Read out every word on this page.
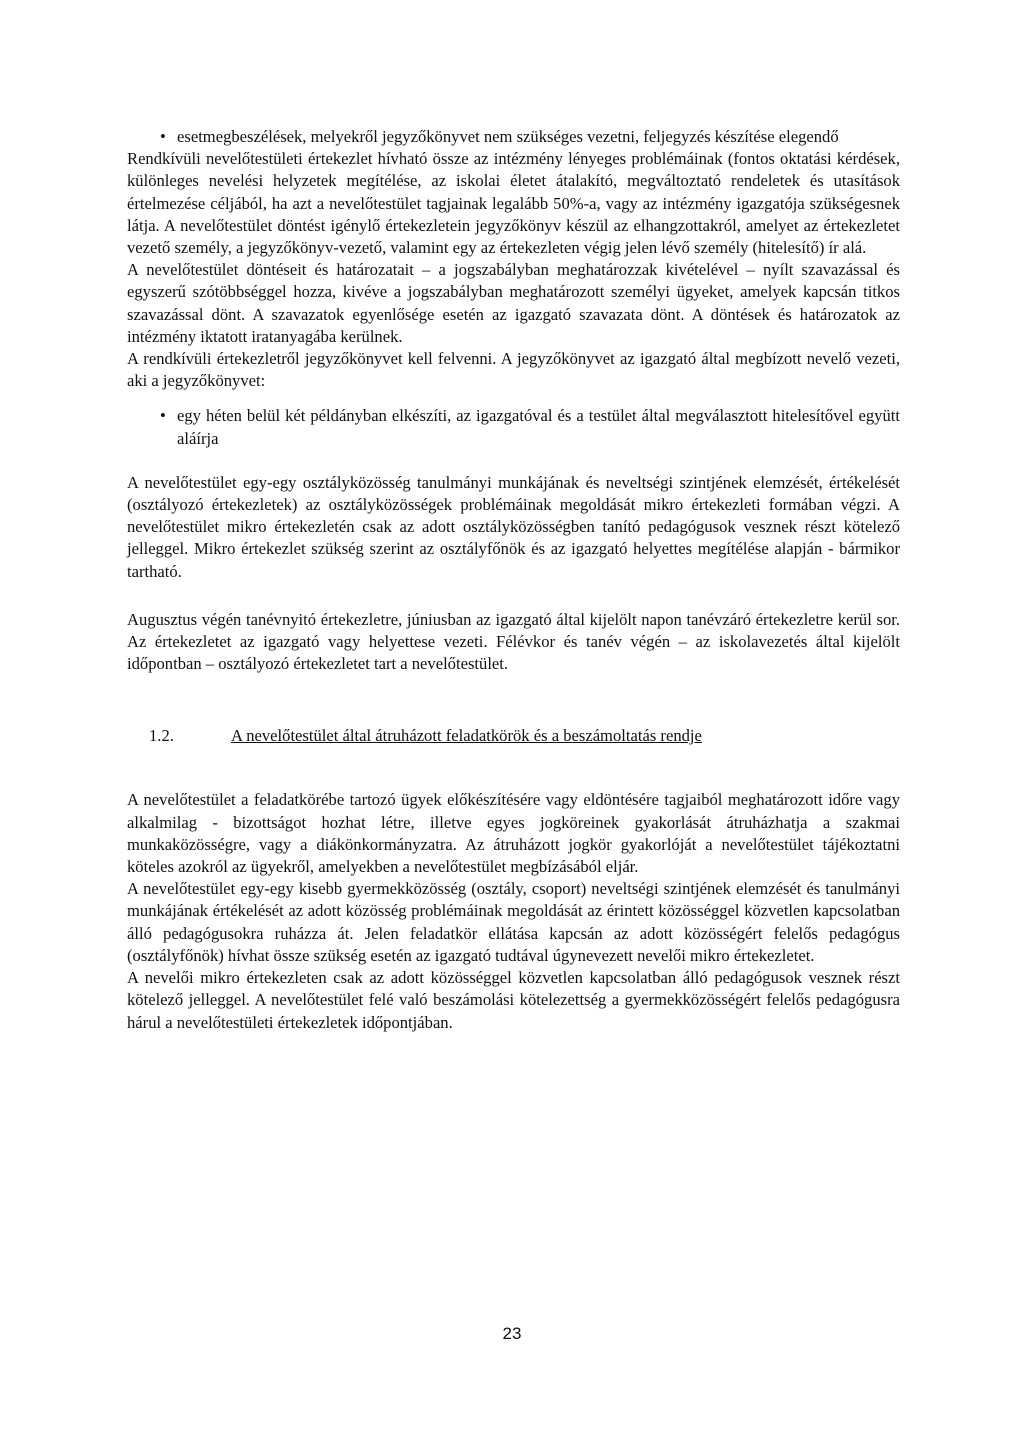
• esetmegbeszélések, melyekről jegyzőkönyvet nem szükséges vezetni, feljegyzés készítése elegendő

Rendkívüli nevelőtestületi értekezlet hívható össze az intézmény lényeges problémáinak (fontos oktatási kérdések, különleges nevelési helyzetek megítélése, az iskolai életet átalakító, megváltoztató rendeletek és utasítások értelmezése céljából, ha azt a nevelőtestület tagjainak legalább 50%-a, vagy az intézmény igazgatója szükségesnek látja. A nevelőtestület döntést igénylő értekezletein jegyzőkönyv készül az elhangzottakról, amelyet az értekezletet vezető személy, a jegyzőkönyv-vezető, valamint egy az értekezleten végig jelen lévő személy (hitelesítő) ír alá.

A nevelőtestület döntéseit és határozatait – a jogszabályban meghatározzak kivételével – nyílt szavazással és egyszerű szótöbbséggel hozza, kivéve a jogszabályban meghatározott személyi ügyeket, amelyek kapcsán titkos szavazással dönt. A szavazatok egyenlősége esetén az igazgató szavazata dönt. A döntések és határozatok az intézmény iktatott iratanyagába kerülnek.

A rendkívüli értekezletről jegyzőkönyvet kell felvenni. A jegyzőkönyvet az igazgató által megbízott nevelő vezeti, aki a jegyzőkönyvet:

• egy héten belül két példányban elkészíti, az igazgatóval és a testület által megválasztott hitelesítővel együtt aláírja

A nevelőtestület egy-egy osztályközösség tanulmányi munkájának és neveltségi szintjének elemzését, értékelését (osztályozó értekezletek) az osztályközösségek problémáinak megoldását mikro értekezleti formában végzi. A nevelőtestület mikro értekezletén csak az adott osztályközösségben tanító pedagógusok vesznek részt kötelező jelleggel. Mikro értekezlet szükség szerint az osztályfőnök és az igazgató helyettes megítélése alapján - bármikor tartható.

Augusztus végén tanévnyitó értekezletre, júniusban az igazgató által kijelölt napon tanévzáró értekezletre kerül sor. Az értekezletet az igazgató vagy helyettese vezeti. Félévkor és tanév végén – az iskolavezetés által kijelölt időpontban – osztályozó értekezletet tart a nevelőtestület.

1.2.	A nevelőtestület által átruházott feladatkörök és a beszámoltatás rendje

A nevelőtestület a feladatkörébe tartozó ügyek előkészítésére vagy eldöntésére tagjaiból meghatározott időre vagy alkalmilag - bizottságot hozhat létre, illetve egyes jogköreinek gyakorlását átruházhatja a szakmai munkaközösségre, vagy a diákönkormányzatra. Az átruházott jogkör gyakorlóját a nevelőtestület tájékoztatni köteles azokról az ügyekről, amelyekben a nevelőtestület megbízásából eljár.

A nevelőtestület egy-egy kisebb gyermekközösség (osztály, csoport) neveltségi szintjének elemzését és tanulmányi munkájának értékelését az adott közösség problémáinak megoldását az érintett közösséggel közvetlen kapcsolatban álló pedagógusokra ruházza át. Jelen feladatkör ellátása kapcsán az adott közösségért felelős pedagógus (osztályfőnök) hívhat össze szükség esetén az igazgató tudtával úgynevezett nevelői mikro értekezletet.

A nevelői mikro értekezleten csak az adott közösséggel közvetlen kapcsolatban álló pedagógusok vesznek részt kötelező jelleggel. A nevelőtestület felé való beszámolási kötelezettség a gyermekközösségért felelős pedagógusra hárul a nevelőtestületi értekezletek időpontjában.

23
